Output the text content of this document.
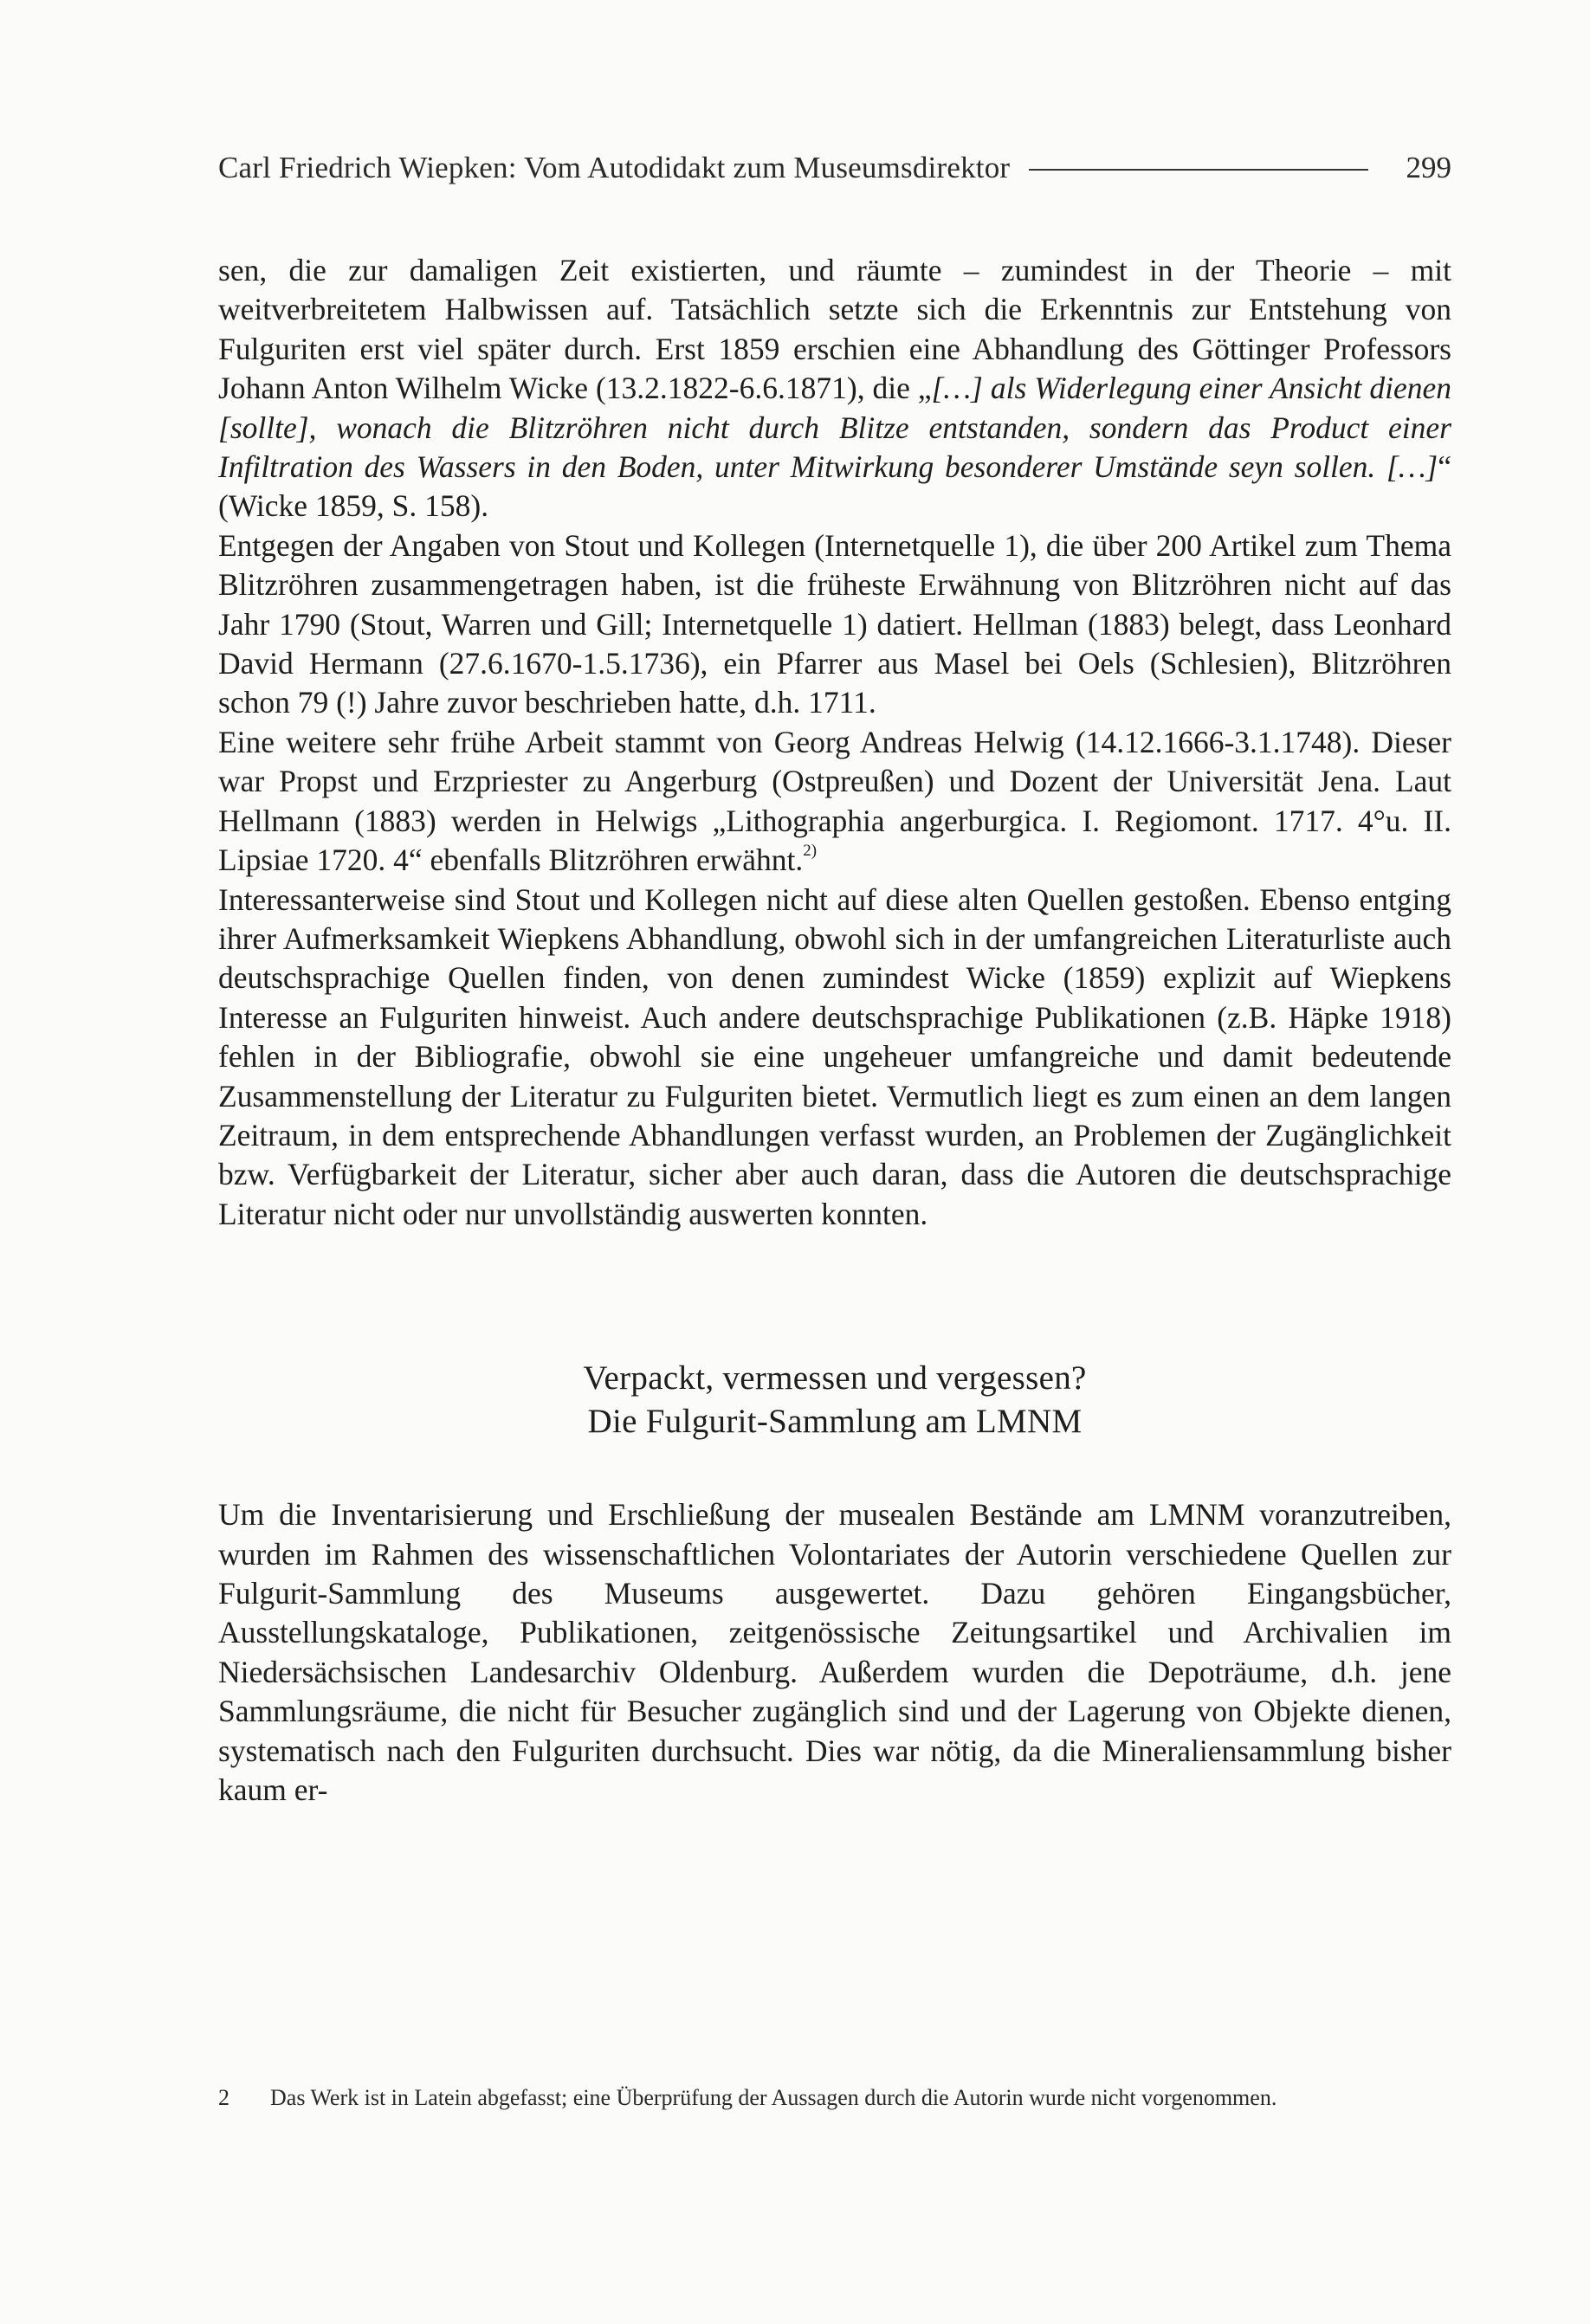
Carl Friedrich Wiepken: Vom Autodidakt zum Museumsdirektor	299

sen, die zur damaligen Zeit existierten, und räumte – zumindest in der Theorie – mit weitverbreitetem Halbwissen auf. Tatsächlich setzte sich die Erkenntnis zur Entstehung von Fulguriten erst viel später durch. Erst 1859 erschien eine Abhandlung des Göttinger Professors Johann Anton Wilhelm Wicke (13.2.1822-6.6.1871), die „[…] als Widerlegung einer Ansicht dienen [sollte], wonach die Blitzröhren nicht durch Blitze entstanden, sondern das Product einer Infiltration des Wassers in den Boden, unter Mitwirkung besonderer Umstände seyn sollen. […]“ (Wicke 1859, S. 158).

Entgegen der Angaben von Stout und Kollegen (Internetquelle 1), die über 200 Artikel zum Thema Blitzröhren zusammengetragen haben, ist die früheste Erwähnung von Blitzröhren nicht auf das Jahr 1790 (Stout, Warren und Gill; Internetquelle 1) datiert. Hellman (1883) belegt, dass Leonhard David Hermann (27.6.1670-1.5.1736), ein Pfarrer aus Masel bei Oels (Schlesien), Blitzröhren schon 79 (!) Jahre zuvor beschrieben hatte, d.h. 1711.

Eine weitere sehr frühe Arbeit stammt von Georg Andreas Helwig (14.12.1666-3.1.1748). Dieser war Propst und Erzpriester zu Angerburg (Ostpreußen) und Dozent der Universität Jena. Laut Hellmann (1883) werden in Helwigs „Lithographia angerburgica. I. Regiomont. 1717. 4°u. II. Lipsiae 1720. 4“ ebenfalls Blitzröhren erwähnt.$^{2)}$

Interessanterweise sind Stout und Kollegen nicht auf diese alten Quellen gestoßen. Ebenso entging ihrer Aufmerksamkeit Wiepkens Abhandlung, obwohl sich in der umfangreichen Literaturliste auch deutschsprachige Quellen finden, von denen zumindest Wicke (1859) explizit auf Wiepkens Interesse an Fulguriten hinweist. Auch andere deutschsprachige Publikationen (z.B. Häpke 1918) fehlen in der Bibliografie, obwohl sie eine ungeheuer umfangreiche und damit bedeutende Zusammenstellung der Literatur zu Fulguriten bietet. Vermutlich liegt es zum einen an dem langen Zeitraum, in dem entsprechende Abhandlungen verfasst wurden, an Problemen der Zugänglichkeit bzw. Verfügbarkeit der Literatur, sicher aber auch daran, dass die Autoren die deutschsprachige Literatur nicht oder nur unvollständig auswerten konnten.

Verpackt, vermessen und vergessen?
Die Fulgurit-Sammlung am LMNM

Um die Inventarisierung und Erschließung der musealen Bestände am LMNM voranzutreiben, wurden im Rahmen des wissenschaftlichen Volontariates der Autorin verschiedene Quellen zur Fulgurit-Sammlung des Museums ausgewertet. Dazu gehören Eingangsbücher, Ausstellungskataloge, Publikationen, zeitgenössische Zeitungsartikel und Archivalien im Niedersächsischen Landesarchiv Oldenburg. Außerdem wurden die Depoträume, d.h. jene Sammlungsräume, die nicht für Besucher zugänglich sind und der Lagerung von Objekte dienen, systematisch nach den Fulguriten durchsucht. Dies war nötig, da die Mineraliensammlung bisher kaum er-

2	Das Werk ist in Latein abgefasst; eine Überprüfung der Aussagen durch die Autorin wurde nicht vorgenommen.
